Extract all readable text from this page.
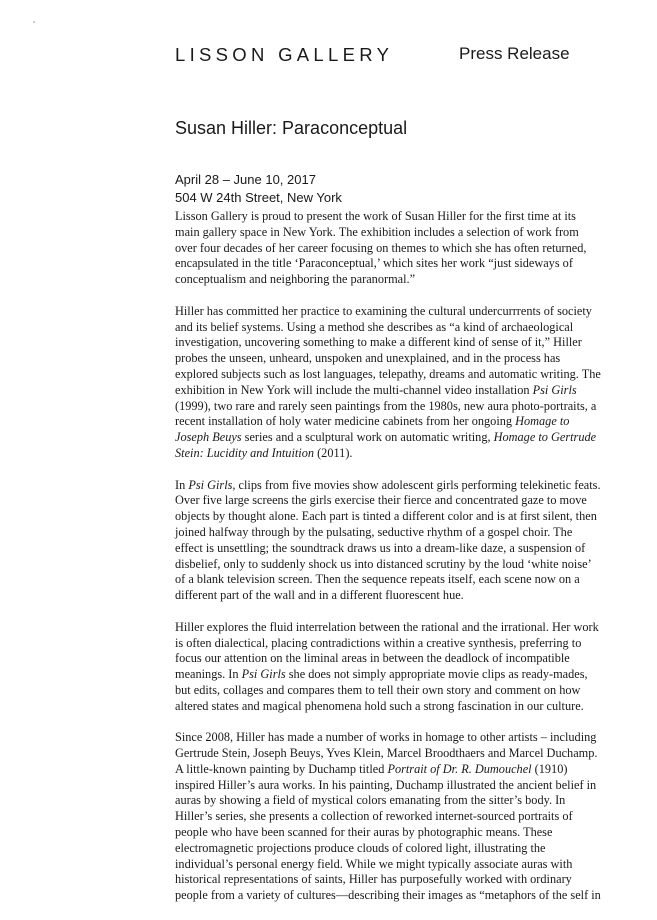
LISSON GALLERY	Press Release
Susan Hiller: Paraconceptual
April 28 – June 10, 2017
504 W 24th Street, New York
Lisson Gallery is proud to present the work of Susan Hiller for the first time at its
main gallery space in New York. The exhibition includes a selection of work from
over four decades of her career focusing on themes to which she has often returned,
encapsulated in the title ‘Paraconceptual,’ which sites her work “just sideways of
conceptualism and neighboring the paranormal.”
Hiller has committed her practice to examining the cultural undercurrrents of society
and its belief systems. Using a method she describes as “a kind of archaeological
investigation, uncovering something to make a different kind of sense of it,” Hiller
probes the unseen, unheard, unspoken and unexplained, and in the process has
explored subjects such as lost languages, telepathy, dreams and automatic writing. The
exhibition in New York will include the multi-channel video installation Psi Girls
(1999), two rare and rarely seen paintings from the 1980s, new aura photo-portraits, a
recent installation of holy water medicine cabinets from her ongoing Homage to
Joseph Beuys series and a sculptural work on automatic writing, Homage to Gertrude
Stein: Lucidity and Intuition (2011).
In Psi Girls, clips from five movies show adolescent girls performing telekinetic feats.
Over five large screens the girls exercise their fierce and concentrated gaze to move
objects by thought alone. Each part is tinted a different color and is at first silent, then
joined halfway through by the pulsating, seductive rhythm of a gospel choir. The
effect is unsettling; the soundtrack draws us into a dream-like daze, a suspension of
disbelief, only to suddenly shock us into distanced scrutiny by the loud ‘white noise’
of a blank television screen. Then the sequence repeats itself, each scene now on a
different part of the wall and in a different fluorescent hue.
Hiller explores the fluid interrelation between the rational and the irrational. Her work
is often dialectical, placing contradictions within a creative synthesis, preferring to
focus our attention on the liminal areas in between the deadlock of incompatible
meanings. In Psi Girls she does not simply appropriate movie clips as ready-mades,
but edits, collages and compares them to tell their own story and comment on how
altered states and magical phenomena hold such a strong fascination in our culture.
Since 2008, Hiller has made a number of works in homage to other artists – including
Gertrude Stein, Joseph Beuys, Yves Klein, Marcel Broodthaers and Marcel Duchamp.
A little-known painting by Duchamp titled Portrait of Dr. R. Dumouchel (1910)
inspired Hiller’s aura works. In his painting, Duchamp illustrated the ancient belief in
auras by showing a field of mystical colors emanating from the sitter’s body. In
Hiller’s series, she presents a collection of reworked internet-sourced portraits of
people who have been scanned for their auras by photographic means. These
electromagnetic projections produce clouds of colored light, illustrating the
individual’s personal energy field. While we might typically associate auras with
historical representations of saints, Hiller has purposefully worked with ordinary
people from a variety of cultures—describing their images as “metaphors of the self in
